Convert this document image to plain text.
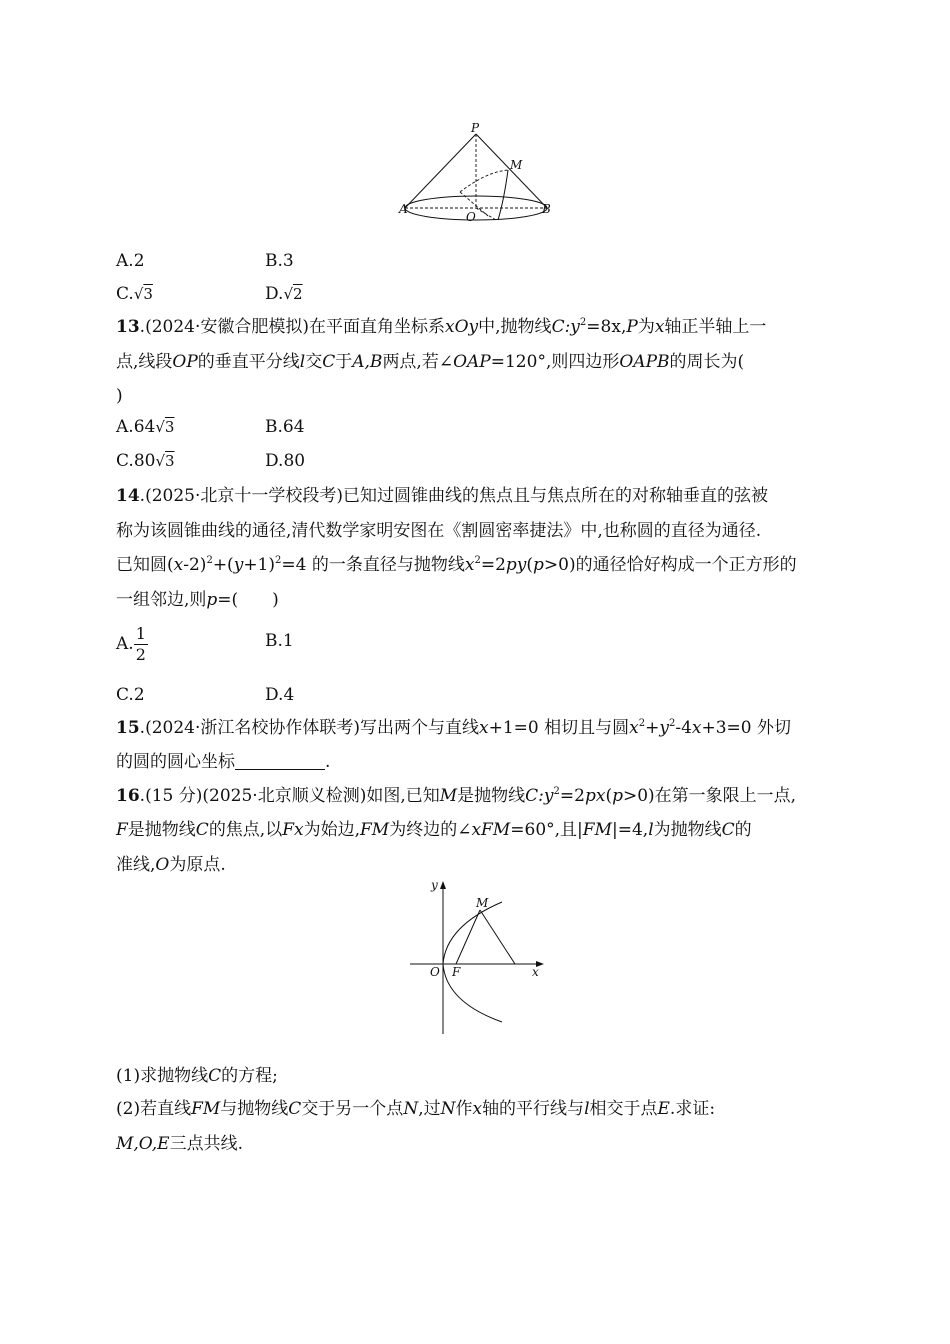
P
M
A
O
B
A.2	B.3
C.√3	D.√2
13.(2024·安徽合肥模拟)在平面直角坐标系xOy中,抛物线$C:y^2=8x,P$为x轴正半轴上一
点,线段OP的垂直平分线l交C于A,B两点,若∠OAP=120°,则四边形OAPB的周长为(
)
A.64√3	B.64
C.80√3	D.80
14.(2025·北京十一学校段考)已知过圆锥曲线的焦点且与焦点所在的对称轴垂直的弦被
称为该圆锥曲线的通径,清代数学家明安图在《割圆密率捷法》中,也称圆的直径为通径.
已知圆$(x-2)^2+(y+1)^2=4$ 的一条直径与抛物线$x^2=2py(p>0)$的通径恰好构成一个正方形的
一组邻边,则p=(　　)
A. $\frac{1}{2}$	B.1
C.2	D.4
15.(2024·浙江名校协作体联考)写出两个与直线x+1=0 相切且与圆$x^2+y^2-4x+3=0$ 外切
的圆的圆心坐标	.
16.(15 分)(2025·北京顺义检测)如图,已知M是抛物线$C:y^2=2px(p>0)$在第一象限上一点,
F是抛物线C的焦点,以Fx为始边,FM为终边的∠xFM=60°,且|FM|=4,l为抛物线C的
准线,O为原点.
y
M
O F	x
(1)求抛物线C的方程;
(2)若直线FM与抛物线C交于另一个点N,过N作x轴的平行线与l相交于点E.求证:
M,O,E三点共线.
